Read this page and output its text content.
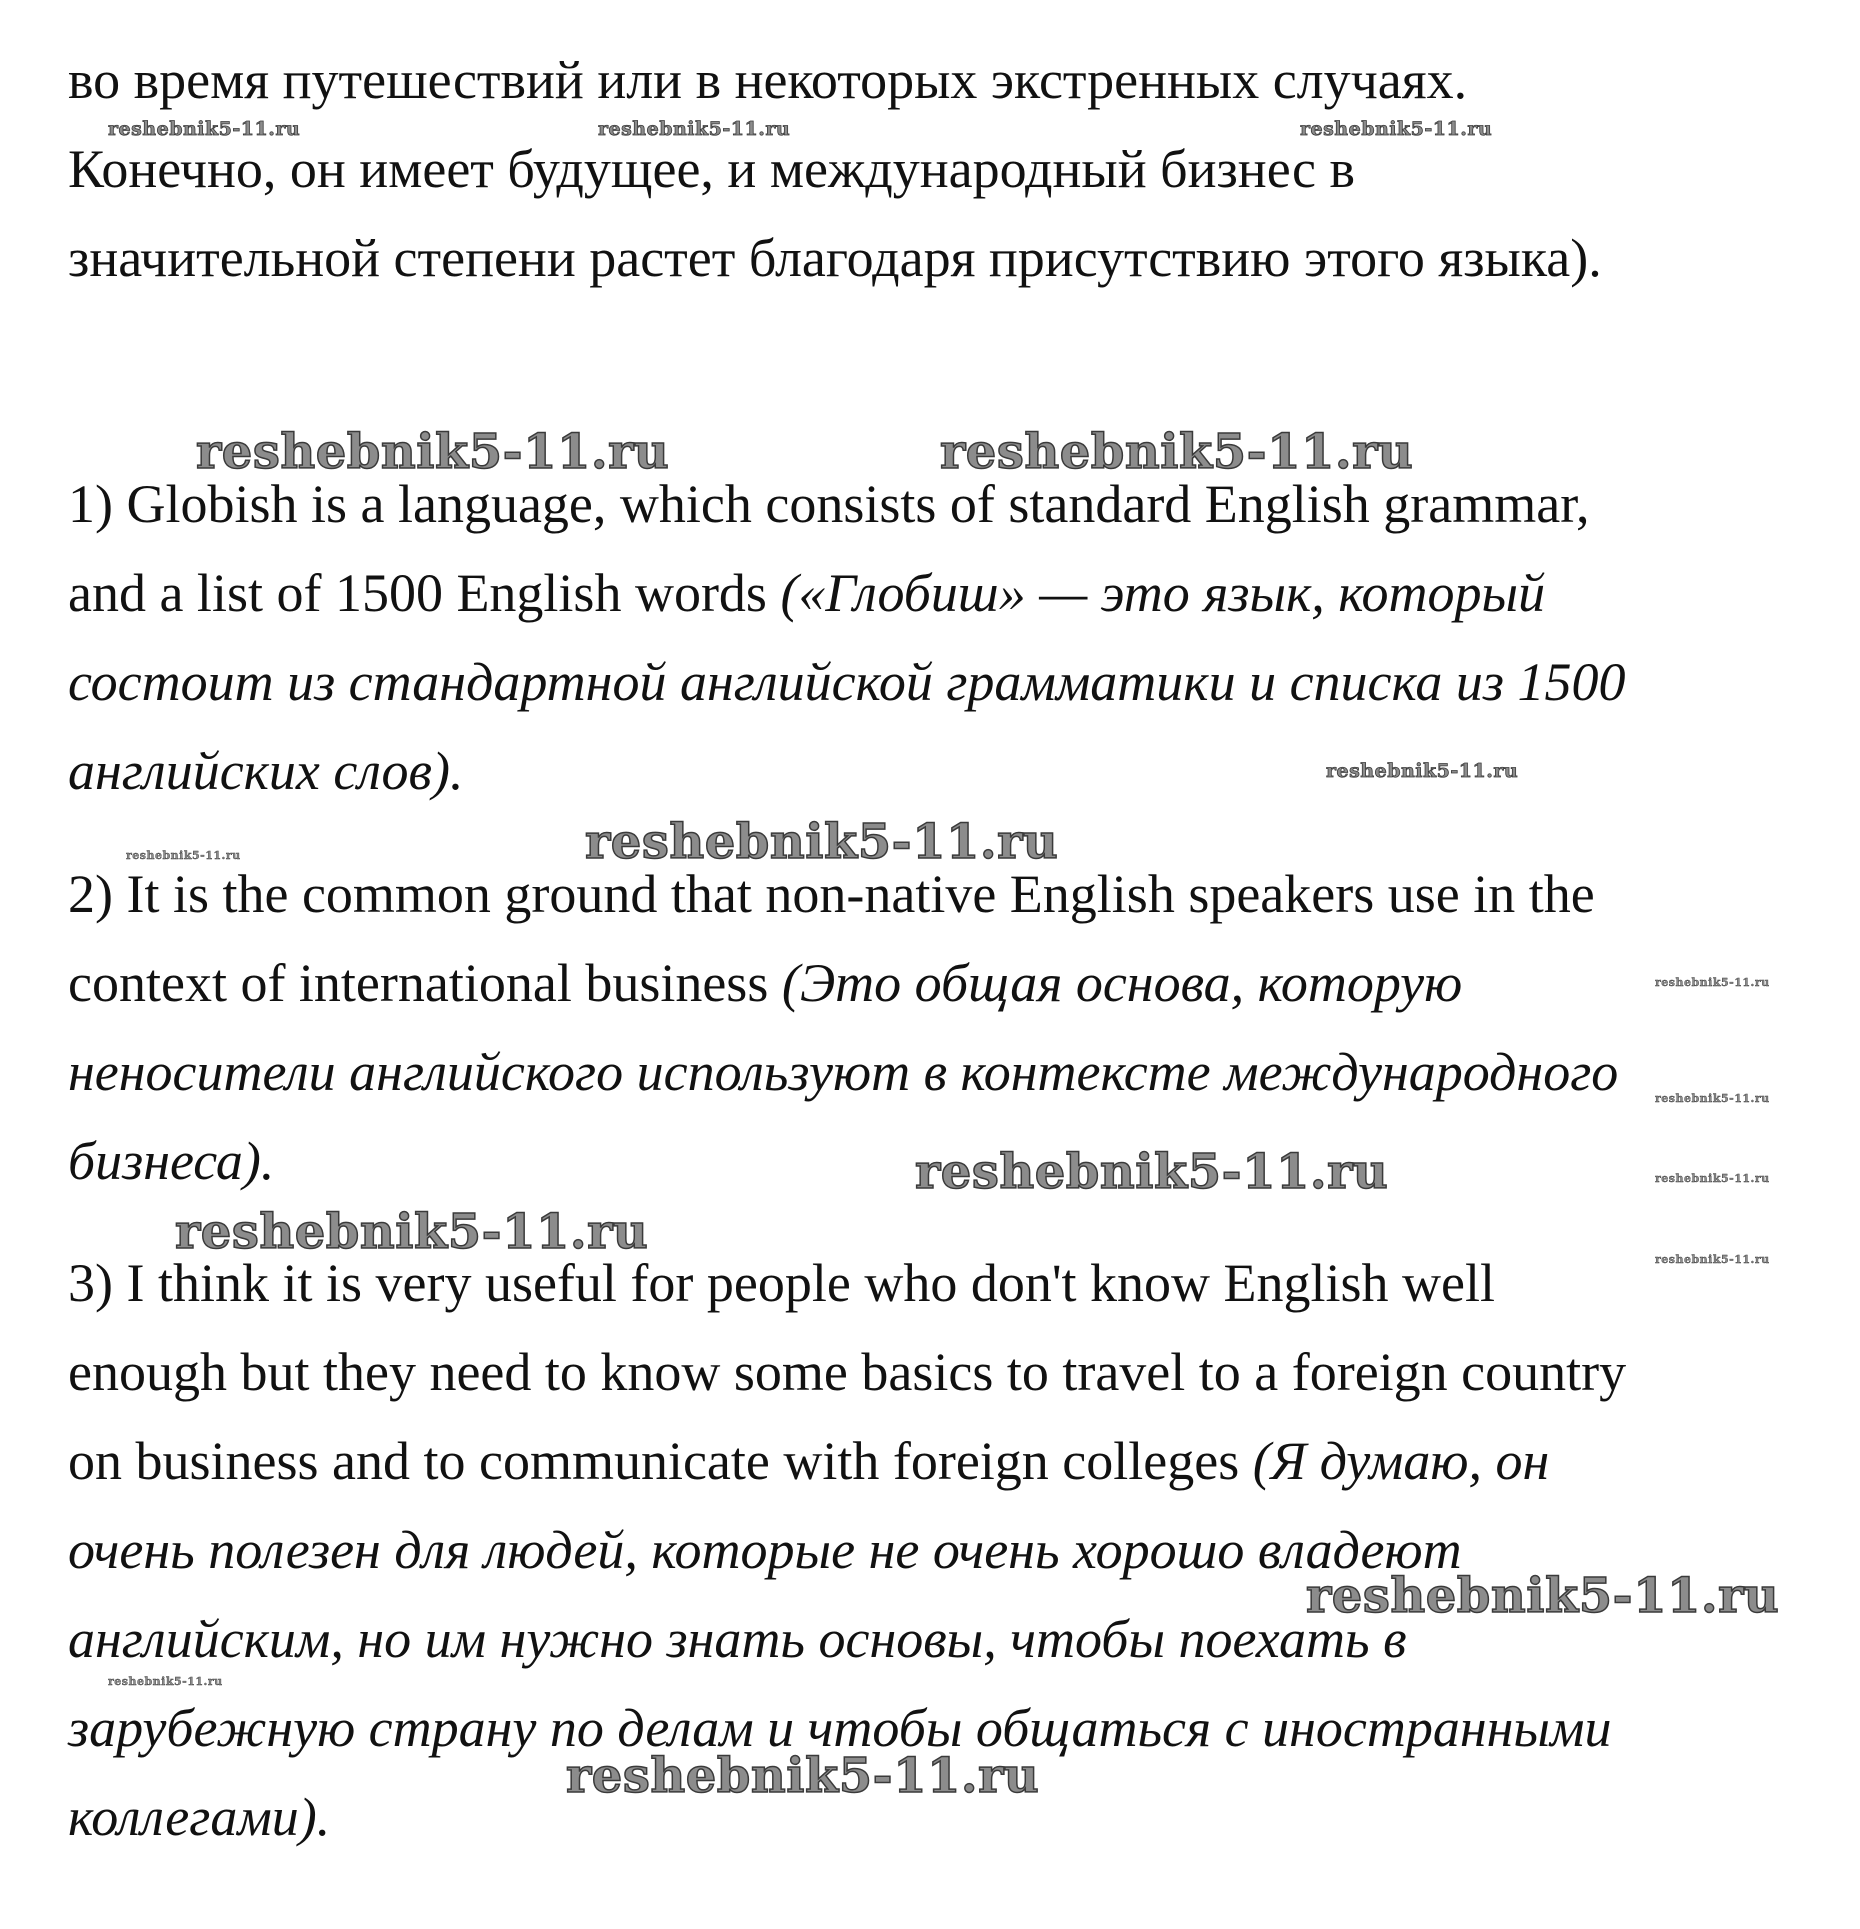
во время путешествий или в некоторых экстренных случаях.
Конечно, он имеет будущее, и международный бизнес в
значительной степени растет благодаря присутствию этого языка).
1) Globish is a language, which consists of standard English grammar,
and a list of 1500 English words («Глобиш» — это язык, который
состоит из стандартной английской грамматики и списка из 1500
английских слов).
2) It is the common ground that non-native English speakers use in the
context of international business (Это общая основа, которую
неносители английского используют в контексте международного
бизнеса).
3) I think it is very useful for people who don't know English well
enough but they need to know some basics to travel to a foreign country
on business and to communicate with foreign colleges (Я думаю, он
очень полезен для людей, которые не очень хорошо владеют
английским, но им нужно знать основы, чтобы поехать в
зарубежную страну по делам и чтобы общаться с иностранными
коллегами).
reshebnik5-11.ru	reshebnik5-11.ru	reshebnik5-11.ru
reshebnik5-11.ru	reshebnik5-11.ru
reshebnik5-11.ru
reshebnik5-11.ru	reshebnik5-11.ru
reshebnik5-11.ru
reshebnik5-11.ru
reshebnik5-11.ru
reshebnik5-11.ru
reshebnik5-11.ru
reshebnik5-11.ru
reshebnik5-11.ru
reshebnik5-11.ru
reshebnik5-11.ru
